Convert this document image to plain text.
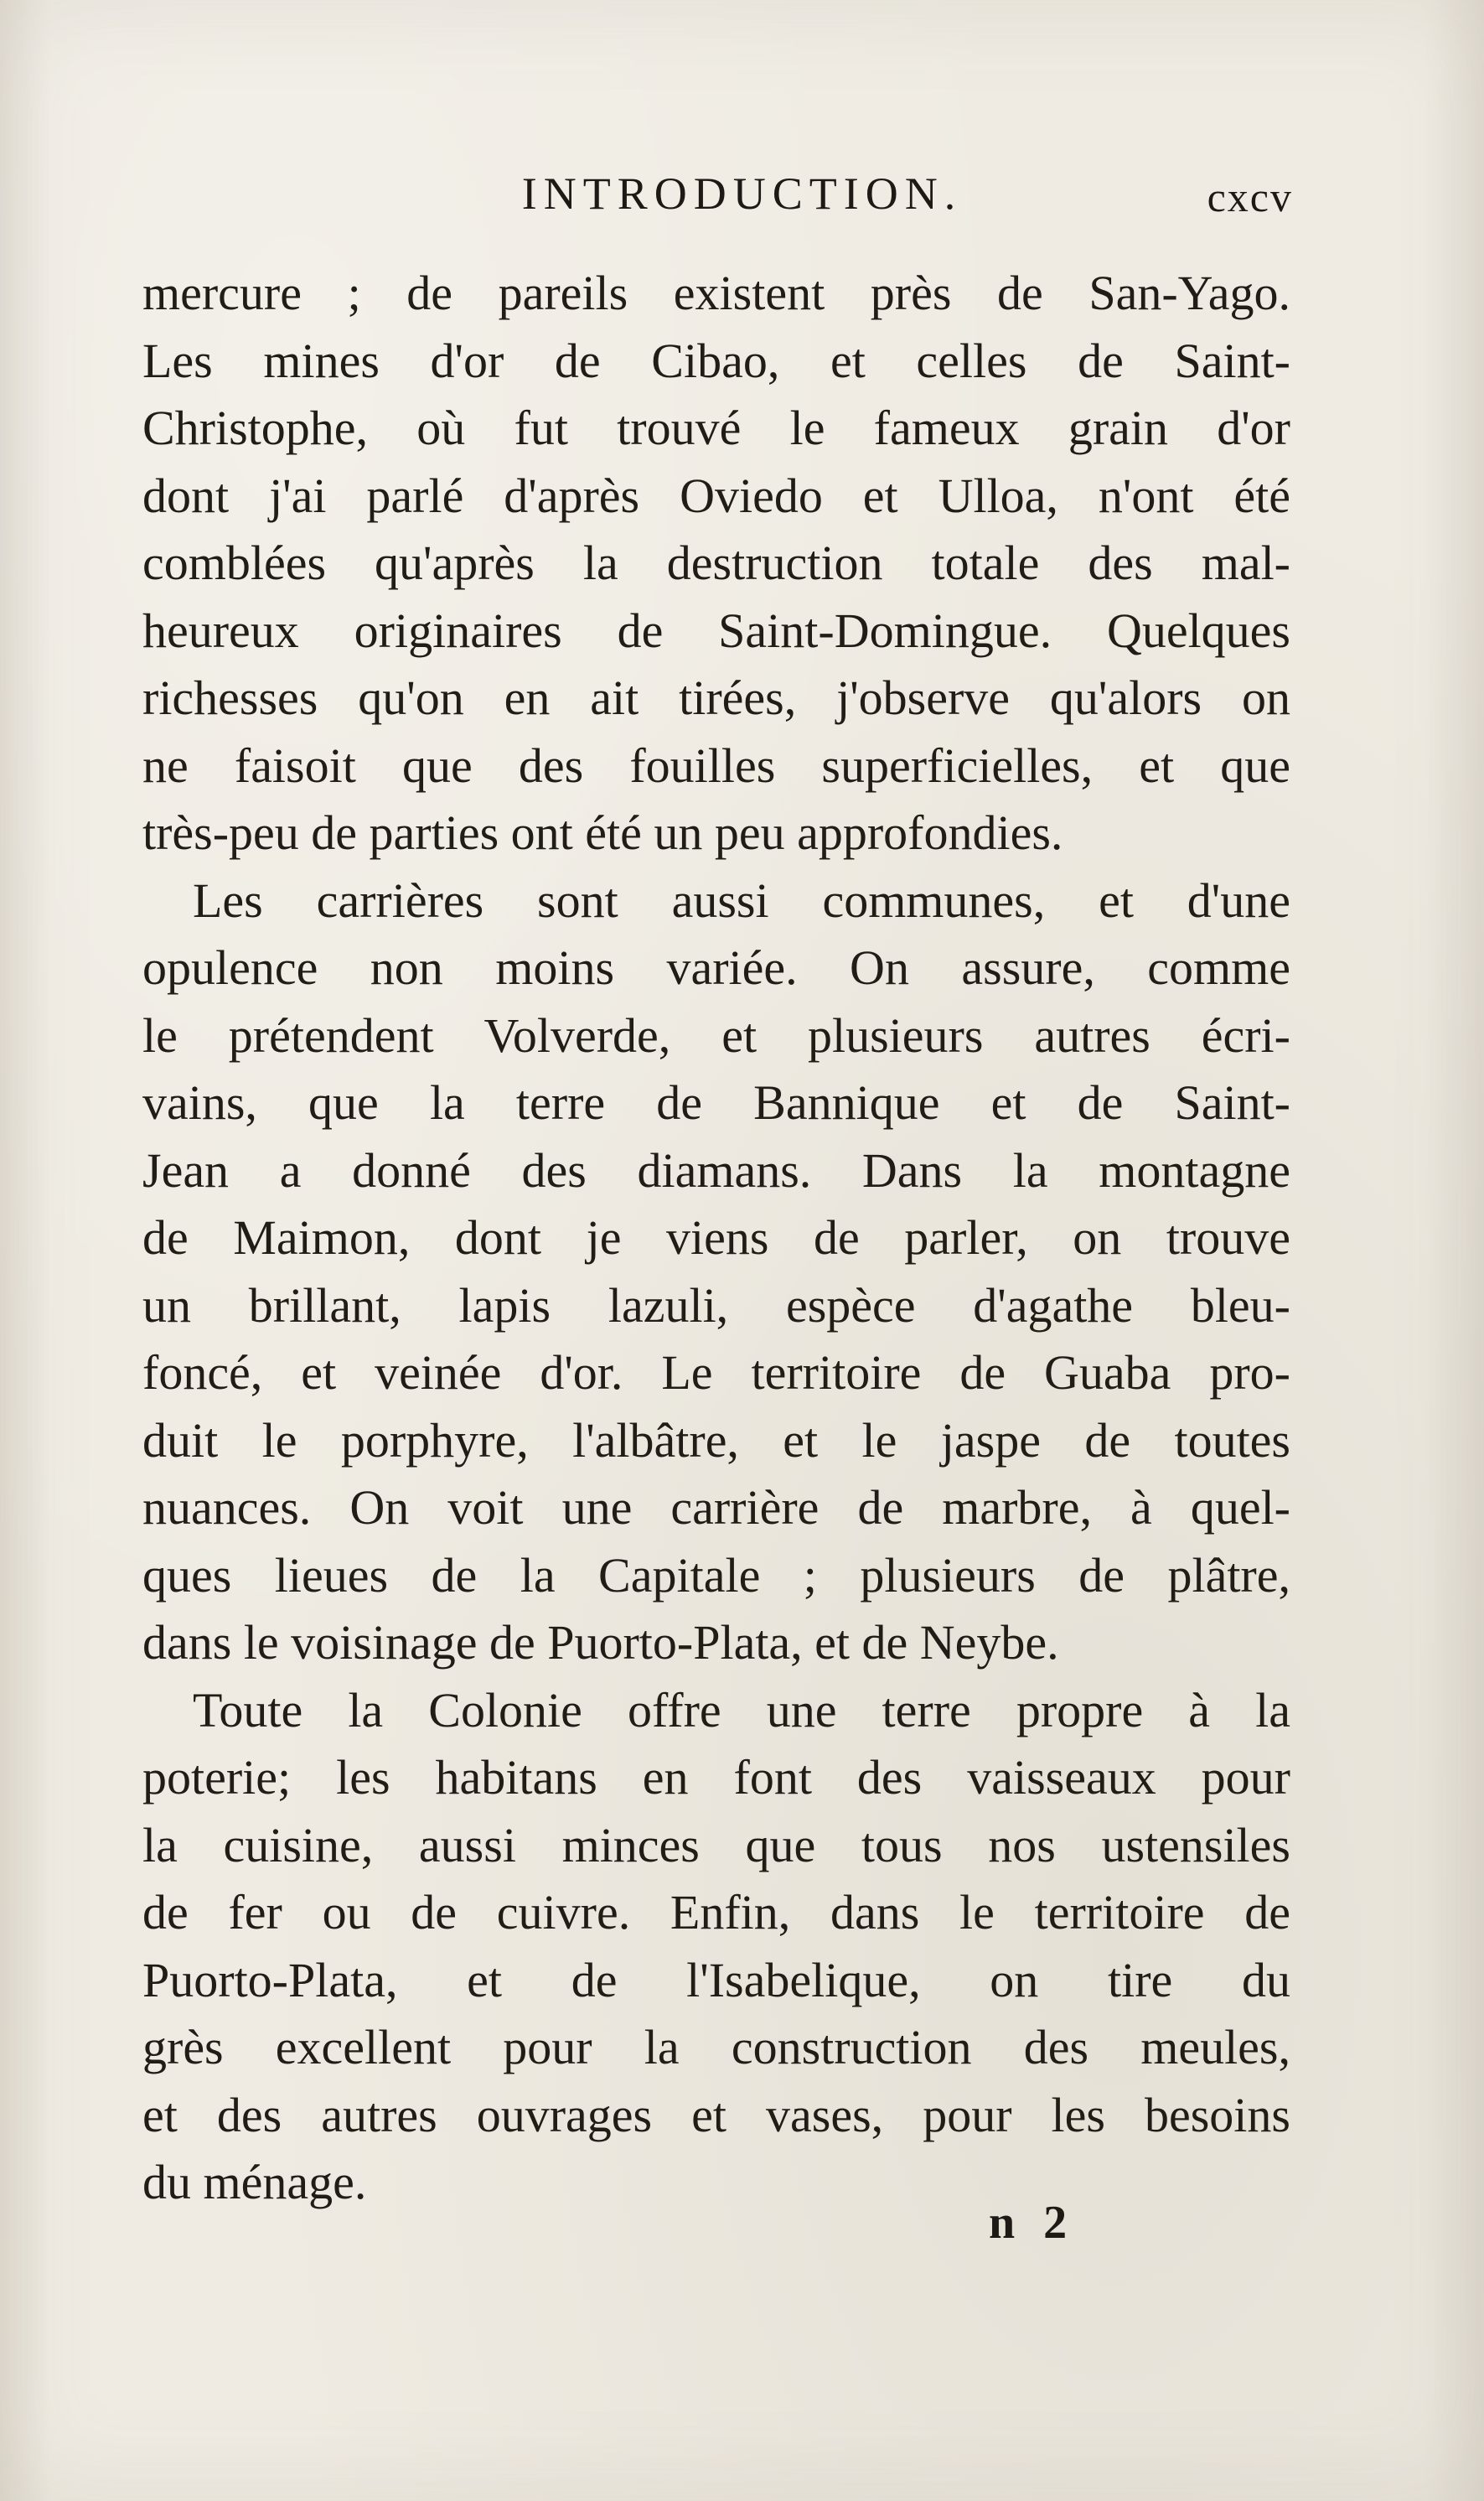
INTRODUCTION.	cxcv
mercure ; de pareils existent près de San-Yago.
Les mines d'or de Cibao, et celles de Saint-
Christophe, où fut trouvé le fameux grain d'or
dont j'ai parlé d'après Oviedo et Ulloa, n'ont été
comblées qu'après la destruction totale des mal-
heureux originaires de Saint-Domingue. Quelques
richesses qu'on en ait tirées, j'observe qu'alors on
ne faisoit que des fouilles superficielles, et que
très-peu de parties ont été un peu approfondies.
Les carrières sont aussi communes, et d'une
opulence non moins variée. On assure, comme
le prétendent Volverde, et plusieurs autres écri-
vains, que la terre de Bannique et de Saint-
Jean a donné des diamans. Dans la montagne
de Maimon, dont je viens de parler, on trouve
un brillant, lapis lazuli, espèce d'agathe bleu-
foncé, et veinée d'or. Le territoire de Guaba pro-
duit le porphyre, l'albâtre, et le jaspe de toutes
nuances. On voit une carrière de marbre, à quel-
ques lieues de la Capitale ; plusieurs de plâtre,
dans le voisinage de Puorto-Plata, et de Neybe.
Toute la Colonie offre une terre propre à la
poterie; les habitans en font des vaisseaux pour
la cuisine, aussi minces que tous nos ustensiles
de fer ou de cuivre. Enfin, dans le territoire de
Puorto-Plata, et de l'Isabelique, on tire du
grès excellent pour la construction des meules,
et des autres ouvrages et vases, pour les besoins
du ménage.
n 2
